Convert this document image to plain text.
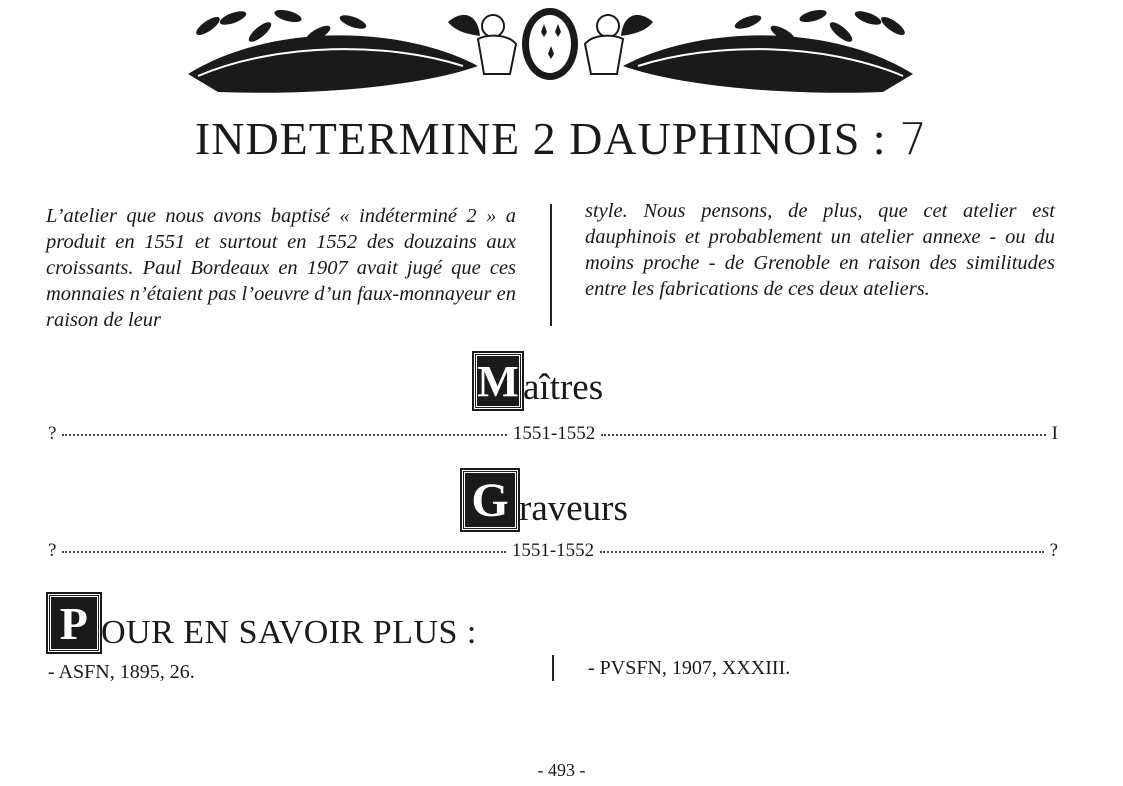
INDETERMINE 2 DAUPHINOIS : 7
L’atelier que nous avons baptisé « indéterminé 2 » a produit en 1551 et surtout en 1552 des douzains aux croissants. Paul Bordeaux en 1907 avait jugé que ces monnaies n’étaient pas l’oeuvre d’un faux-monnayeur en raison de leur
style. Nous pensons, de plus, que cet atelier est dauphinois et probablement un atelier annexe - ou du moins proche - de Grenoble en raison des similitudes entre les fabrications de ces deux ateliers.
M aîtres
?	1551-1552	I
G raveurs
?	1551-1552	?
P OUR EN SAVOIR PLUS :
- ASFN, 1895, 26.	- PVSFN, 1907, XXXIII.
- 493 -
